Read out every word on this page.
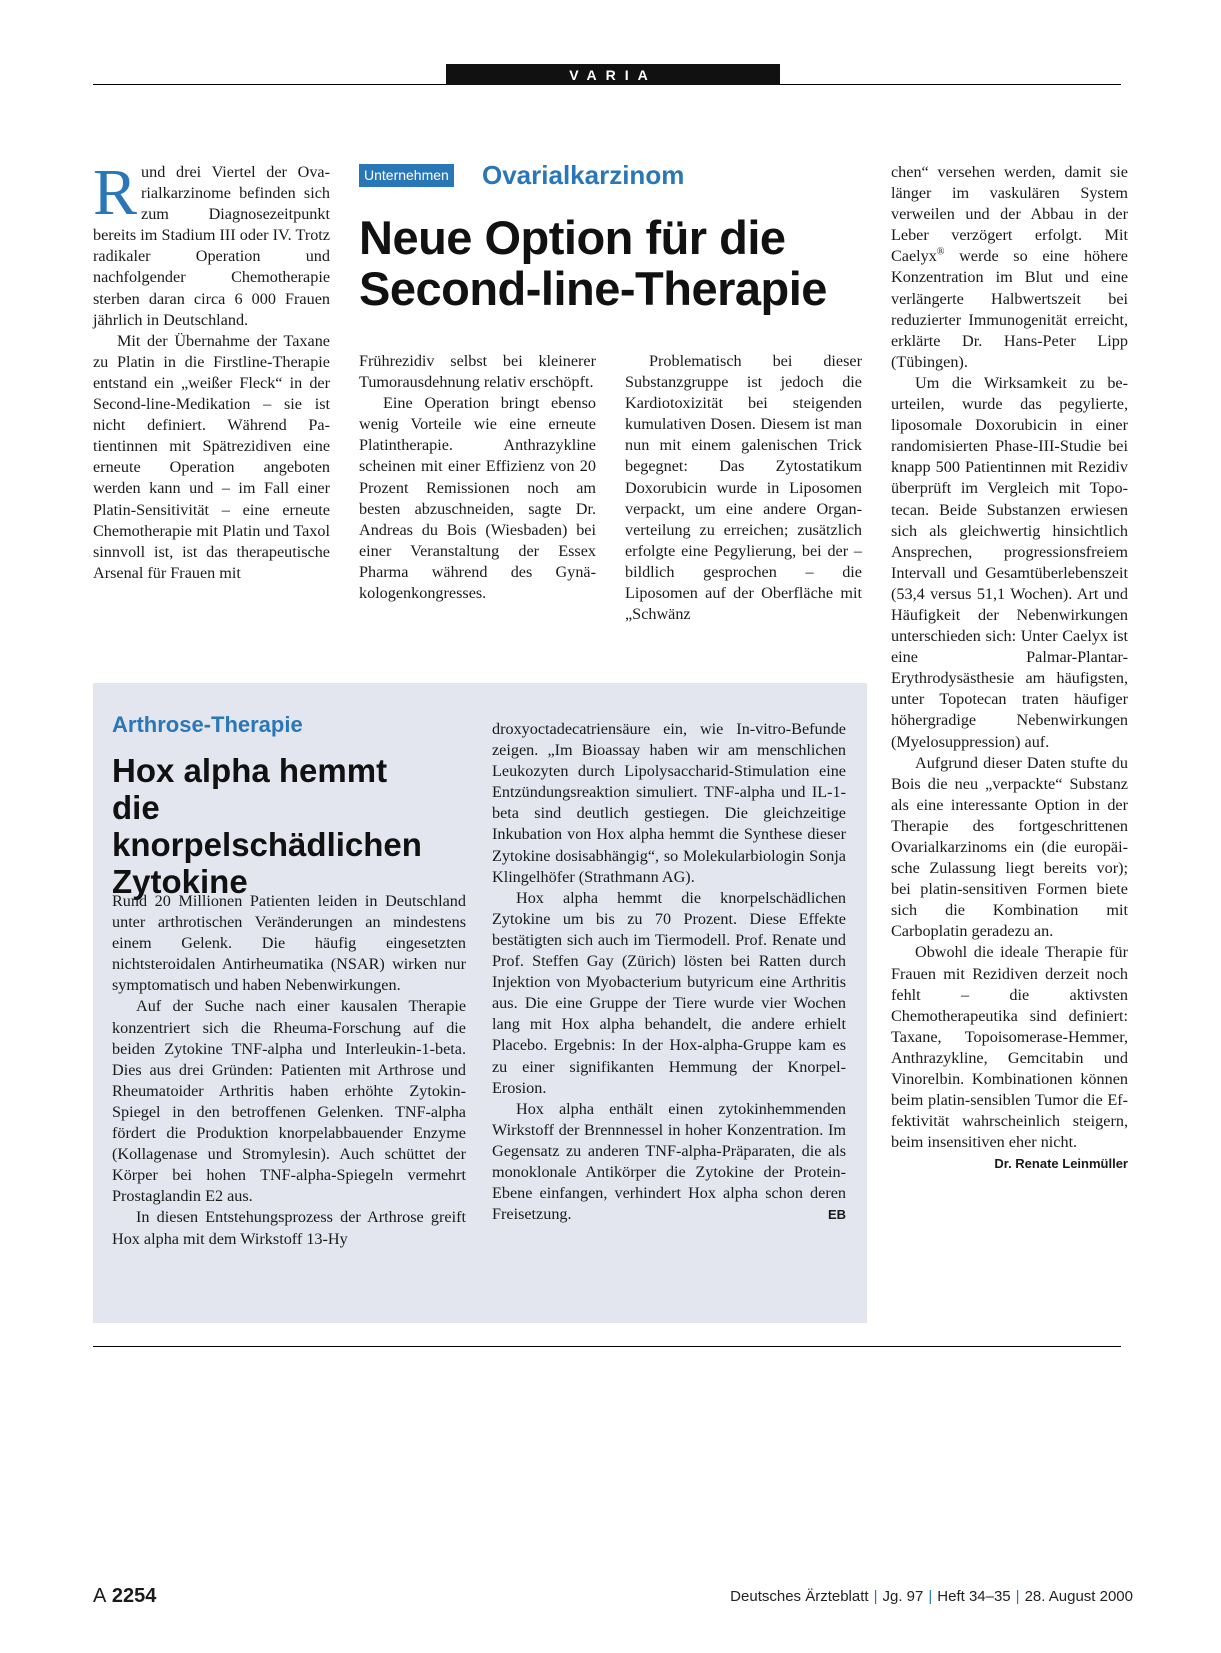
VARIA

Rund drei Viertel der Ovarialkarzinome befinden sich zum Diagnosezeitpunkt bereits im Stadium III oder IV. Trotz radikaler Operation und nachfolgender Chemotherapie sterben daran circa 6 000 Frauen jährlich in Deutschland.

Mit der Übernahme der Taxane zu Platin in die Firstline-Therapie entstand ein „weißer Fleck“ in der Second-line-Medikation – sie ist nicht definiert. Während Patientinnen mit Spätrezidiven eine erneute Operation angeboten werden kann und – im Fall einer Platin-Sensitivität – eine erneute Chemotherapie mit Platin und Taxol sinnvoll ist, ist das therapeutische Arsenal für Frauen mit

Unternehmen Ovarialkarzinom
Neue Option für die
Second-line-Therapie

Frührezidiv selbst bei kleinerer Tumorausdehnung relativ erschöpft.

Eine Operation bringt ebenso wenig Vorteile wie eine erneute Platintherapie. Anthrazykline scheinen mit einer Effizienz von 20 Prozent Remissionen noch am besten abzuschneiden, sagte Dr. Andreas du Bois (Wiesbaden) bei einer Veranstaltung der Essex Pharma während des Gynäkologenkongresses.

Problematisch bei dieser Substanzgruppe ist jedoch die Kardiotoxizität bei steigenden kumulativen Dosen. Diesem ist man nun mit einem galenischen Trick begegnet: Das Zytostatikum Doxorubicin wurde in Liposomen verpackt, um eine andere Organverteilung zu erreichen; zusätzlich erfolgte eine Pegylierung, bei der – bildlich gesprochen – die Liposomen auf der Oberfläche mit „Schwänz

chen“ versehen werden, damit sie länger im vaskulären System verweilen und der Abbau in der Leber verzögert erfolgt. Mit Caelyx® werde so eine höhere Konzentration im Blut und eine verlängerte Halbwertszeit bei reduzierter Immunogenität erreicht, erklärte Dr. Hans-Peter Lipp (Tübingen).

Um die Wirksamkeit zu beurteilen, wurde das pegylierte, liposomale Doxorubicin in einer randomisierten Phase-III-Studie bei knapp 500 Patientinnen mit Rezidiv überprüft im Vergleich mit Topotecan. Beide Substanzen erwiesen sich als gleichwertig hinsichtlich Ansprechen, progressionsfreiem Intervall und Gesamtüberlebenszeit (53,4 versus 51,1 Wochen). Art und Häufigkeit der Nebenwirkungen unterschieden sich: Unter Caelyx ist eine Palmar-Plantar-Erythrodysästhesie am häufigsten, unter Topotecan traten häufiger höhergradige Nebenwirkungen (Myelosuppression) auf.

Aufgrund dieser Daten stufte du Bois die neu „verpackte“ Substanz als eine interessante Option in der Therapie des fortgeschrittenen Ovarialkarzinoms ein (die europäische Zulassung liegt bereits vor); bei platin-sensitiven Formen biete sich die Kombination mit Carboplatin geradezu an.

Obwohl die ideale Therapie für Frauen mit Rezidiven derzeit noch fehlt – die aktivsten Chemotherapeutika sind definiert: Taxane, Topoisomerase-Hemmer, Anthrazykline, Gemcitabin und Vinorelbin. Kombinationen können beim platin-sensiblen Tumor die Effektivität wahrscheinlich steigern, beim insensitiven eher nicht.
Dr. Renate Leinmüller

Arthrose-Therapie
Hox alpha hemmt
die knorpelschädlichen
Zytokine

Rund 20 Millionen Patienten leiden in Deutschland unter arthrotischen Veränderungen an mindestens einem Gelenk. Die häufig eingesetzten nichtsteroidalen Antirheumatika (NSAR) wirken nur symptomatisch und haben Nebenwirkungen.

Auf der Suche nach einer kausalen Therapie konzentriert sich die Rheuma-Forschung auf die beiden Zytokine TNF-alpha und Interleukin-1-beta. Dies aus drei Gründen: Patienten mit Arthrose und Rheumatoider Arthritis haben erhöhte Zytokin-Spiegel in den betroffenen Gelenken. TNF-alpha fördert die Produktion knorpelabbauender Enzyme (Kollagenase und Stromylesin). Auch schüttet der Körper bei hohen TNF-alpha-Spiegeln vermehrt Prostaglandin E2 aus.

In diesen Entstehungsprozess der Arthrose greift Hox alpha mit dem Wirkstoff 13-Hy

droxyoctadecatriensäure ein, wie In-vitro-Befunde zeigen. „Im Bioassay haben wir am menschlichen Leukozyten durch Lipolysaccharid-Stimulation eine Entzündungsreaktion simuliert. TNF-alpha und IL-1-beta sind deutlich gestiegen. Die gleichzeitige Inkubation von Hox alpha hemmt die Synthese dieser Zytokine dosisabhängig“, so Molekularbiologin Sonja Klingelhöfer (Strathmann AG).

Hox alpha hemmt die knorpelschädlichen Zytokine um bis zu 70 Prozent. Diese Effekte bestätigten sich auch im Tiermodell. Prof. Renate und Prof. Steffen Gay (Zürich) lösten bei Ratten durch Injektion von Myobacterium butyricum eine Arthritis aus. Die eine Gruppe der Tiere wurde vier Wochen lang mit Hox alpha behandelt, die andere erhielt Placebo. Ergebnis: In der Hox-alpha-Gruppe kam es zu einer signifikanten Hemmung der Knorpel-Erosion.

Hox alpha enthält einen zytokinhemmenden Wirkstoff der Brennnessel in hoher Konzentration. Im Gegensatz zu anderen TNF-alpha-Präparaten, die als monoklonale Antikörper die Zytokine der Protein-Ebene einfangen, verhindert Hox alpha schon deren Freisetzung.	EB

A 2254	Deutsches Ärzteblatt | Jg. 97 | Heft 34–35 | 28. August 2000
